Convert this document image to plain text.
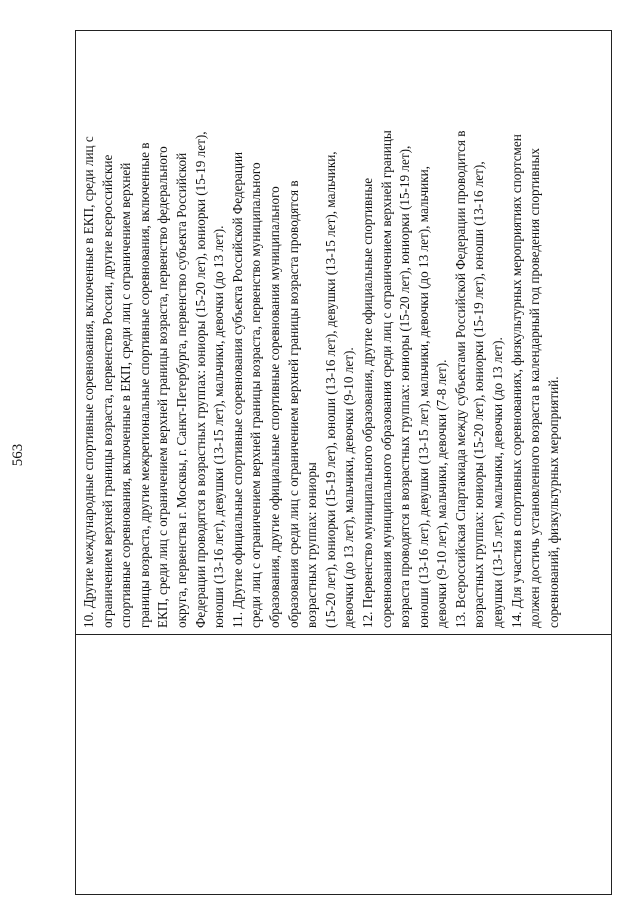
563	10. Другие международные спортивные соревнования, включенные в ЕКП, среди лиц с ограничением верхней границы возраста, первенство России, другие всероссийские спортивные соревнования, включенные в ЕКП, среди лиц с ограничением верхней границы возраста, другие межрегиональные спортивные соревнования, включенные в ЕКП, среди лиц с ограничением верхней границы возраста, первенство федерального округа, первенства г. Москвы, г. Санкт-Петербурга, первенство субъекта Российской Федерации проводятся в возрастных группах: юниоры (15-20 лет), юниорки (15-19 лет), юноши (13-16 лет), девушки (13-15 лет), мальчики, девочки (до 13 лет). 11. Другие официальные спортивные соревнования субъекта Российской Федерации среди лиц с ограничением верхней границы возраста, первенство муниципального образования, другие официальные спортивные соревнования муниципального образования среди лиц с ограничением верхней границы возраста проводятся в возрастных группах: юниоры (15-20 лет), юниорки (15-19 лет), юноши (13-16 лет), девушки (13-15 лет), мальчики, девочки (до 13 лет), мальчики, девочки (9-10 лет). 12. Первенство муниципального образования, другие официальные спортивные соревнования муниципального образования среди лиц с ограничением верхней границы возраста проводятся в возрастных группах: юниоры (15-20 лет), юниорки (15-19 лет), юноши (13-16 лет), девушки (13-15 лет), мальчики, девочки (до 13 лет), мальчики, девочки (9-10 лет), мальчики, девочки (7-8 лет). 13. Всероссийская Спартакиада между субъектами Российской Федерации проводится в возрастных группах: юниоры (15-20 лет), юниорки (15-19 лет), юноши (13-16 лет), девушки (13-15 лет), мальчики, девочки (до 13 лет). 14. Для участия в спортивных соревнованиях, физкультурных мероприятиях спортсмен должен достичь установленного возраста в календарный год проведения спортивных соревнований, физкультурных мероприятий.
